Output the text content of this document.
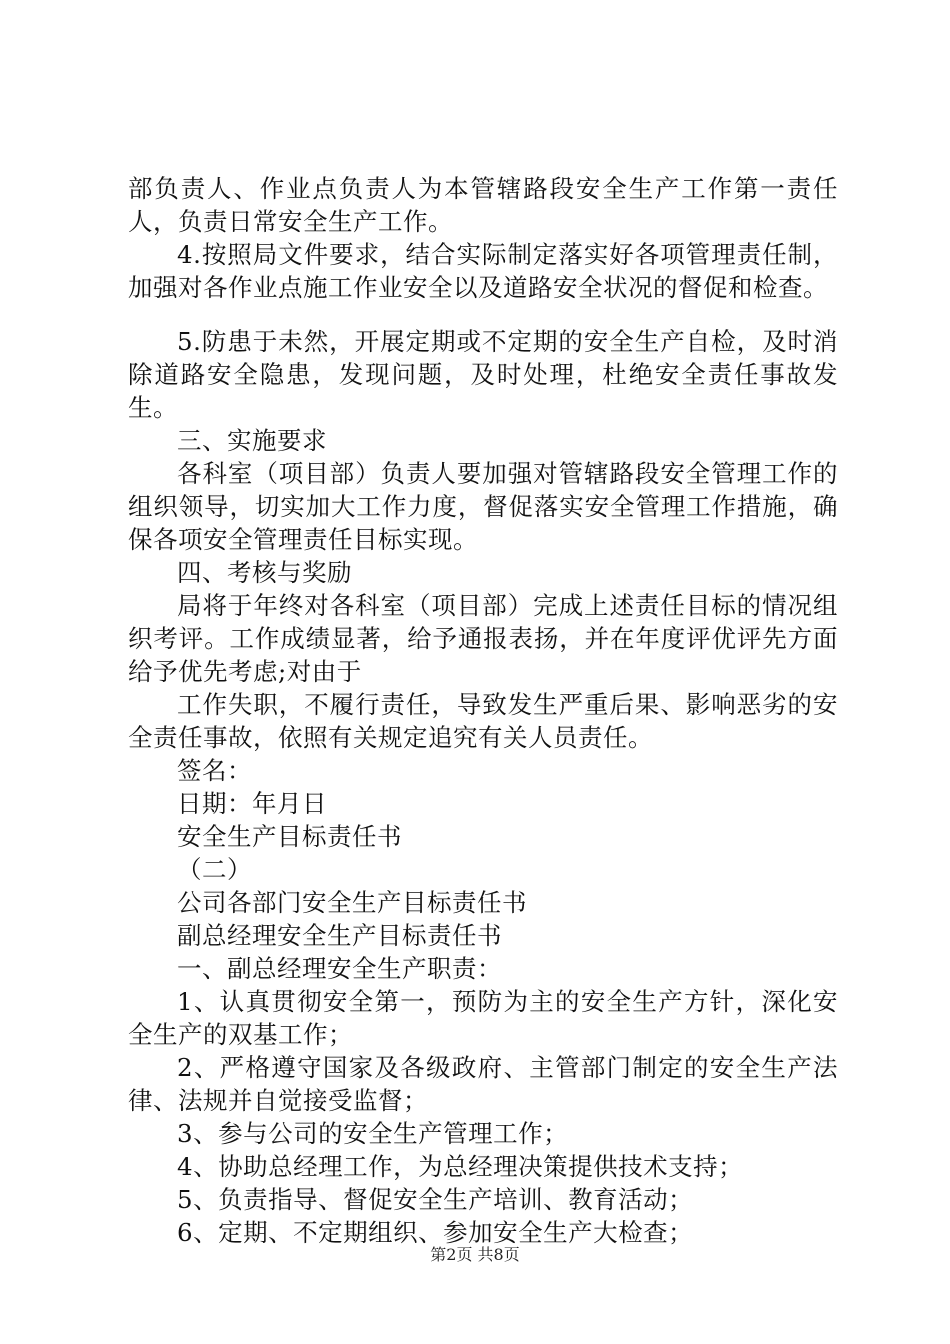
部负责人、作业点负责人为本管辖路段安全生产工作第一责任人，负责日常安全生产工作。

4.按照局文件要求，结合实际制定落实好各项管理责任制，加强对各作业点施工作业安全以及道路安全状况的督促和检查。

5.防患于未然，开展定期或不定期的安全生产自检，及时消除道路安全隐患，发现问题，及时处理，杜绝安全责任事故发生。

三、实施要求

各科室（项目部）负责人要加强对管辖路段安全管理工作的组织领导，切实加大工作力度，督促落实安全管理工作措施，确保各项安全管理责任目标实现。

四、考核与奖励

局将于年终对各科室（项目部）完成上述责任目标的情况组织考评。工作成绩显著，给予通报表扬，并在年度评优评先方面给予优先考虑;对由于

工作失职，不履行责任，导致发生严重后果、影响恶劣的安全责任事故，依照有关规定追究有关人员责任。

签名：

日期：年月日

安全生产目标责任书

（二）

公司各部门安全生产目标责任书

副总经理安全生产目标责任书

一、副总经理安全生产职责：

1、认真贯彻安全第一，预防为主的安全生产方针，深化安全生产的双基工作；

2、严格遵守国家及各级政府、主管部门制定的安全生产法律、法规并自觉接受监督；

3、参与公司的安全生产管理工作；

4、协助总经理工作，为总经理决策提供技术支持；

5、负责指导、督促安全生产培训、教育活动；

6、定期、不定期组织、参加安全生产大检查；

第2页 共8页
